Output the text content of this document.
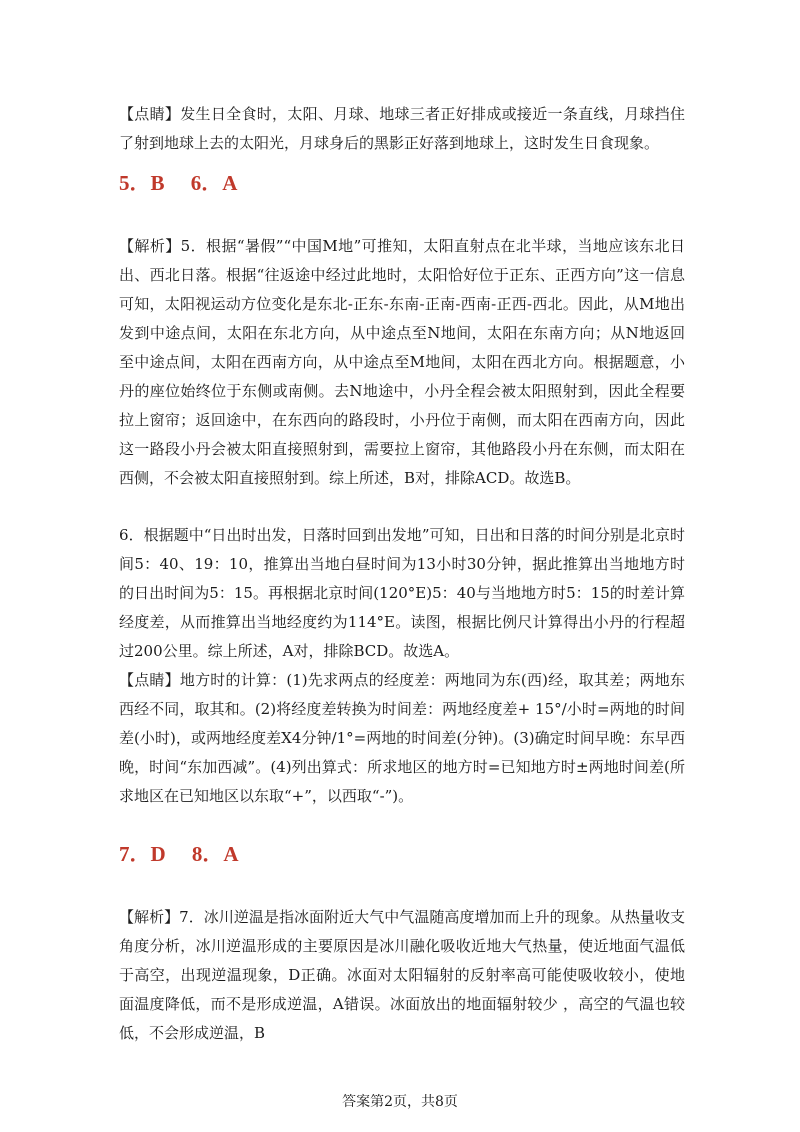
【点睛】发生日全食时，太阳、月球、地球三者正好排成或接近一条直线，月球挡住了射到地球上去的太阳光，月球身后的黑影正好落到地球上，这时发生日食现象。

5．B　 6．A

【解析】5．根据“暑假”“中国M地”可推知，太阳直射点在北半球，当地应该东北日出、西北日落。根据“往返途中经过此地时，太阳恰好位于正东、正西方向”这一信息可知，太阳视运动方位变化是东北-正东-东南-正南-西南-正西-西北。因此，从M地出发到中途点间，太阳在东北方向，从中途点至N地间，太阳在东南方向；从N地返回至中途点间，太阳在西南方向，从中途点至M地间，太阳在西北方向。根据题意，小丹的座位始终位于东侧或南侧。去N地途中，小丹全程会被太阳照射到，因此全程要拉上窗帘；返回途中，在东西向的路段时，小丹位于南侧，而太阳在西南方向，因此这一路段小丹会被太阳直接照射到，需要拉上窗帘，其他路段小丹在东侧，而太阳在西侧，不会被太阳直接照射到。综上所述，B对，排除ACD。故选B。

6．根据题中“日出时出发，日落时回到出发地”可知，日出和日落的时间分别是北京时间5：40、19：10，推算出当地白昼时间为13小时30分钟，据此推算出当地地方时的日出时间为5：15。再根据北京时间(120°E)5：40与当地地方时5：15的时差计算经度差，从而推算出当地经度约为114°E。读图，根据比例尺计算得出小丹的行程超过200公里。综上所述，A对，排除BCD。故选A。

【点睛】地方时的计算：(1)先求两点的经度差：两地同为东(西)经，取其差；两地东西经不同，取其和。(2)将经度差转换为时间差：两地经度差+ 15°/小时=两地的时间差(小时)，或两地经度差X4分钟/1°=两地的时间差(分钟)。(3)确定时间早晚：东早西晚，时间“东加西减”。(4)列出算式：所求地区的地方时=已知地方时±两地时间差(所求地区在已知地区以东取“+”，以西取“-”)。

7．D　 8．A

【解析】7．冰川逆温是指冰面附近大气中气温随高度增加而上升的现象。从热量收支角度分析，冰川逆温形成的主要原因是冰川融化吸收近地大气热量，使近地面气温低于高空，出现逆温现象，D正确。冰面对太阳辐射的反射率高可能使吸收较小，使地面温度降低，而不是形成逆温，A错误。冰面放出的地面辐射较少 ，高空的气温也较低，不会形成逆温，B

答案第2页，共8页
